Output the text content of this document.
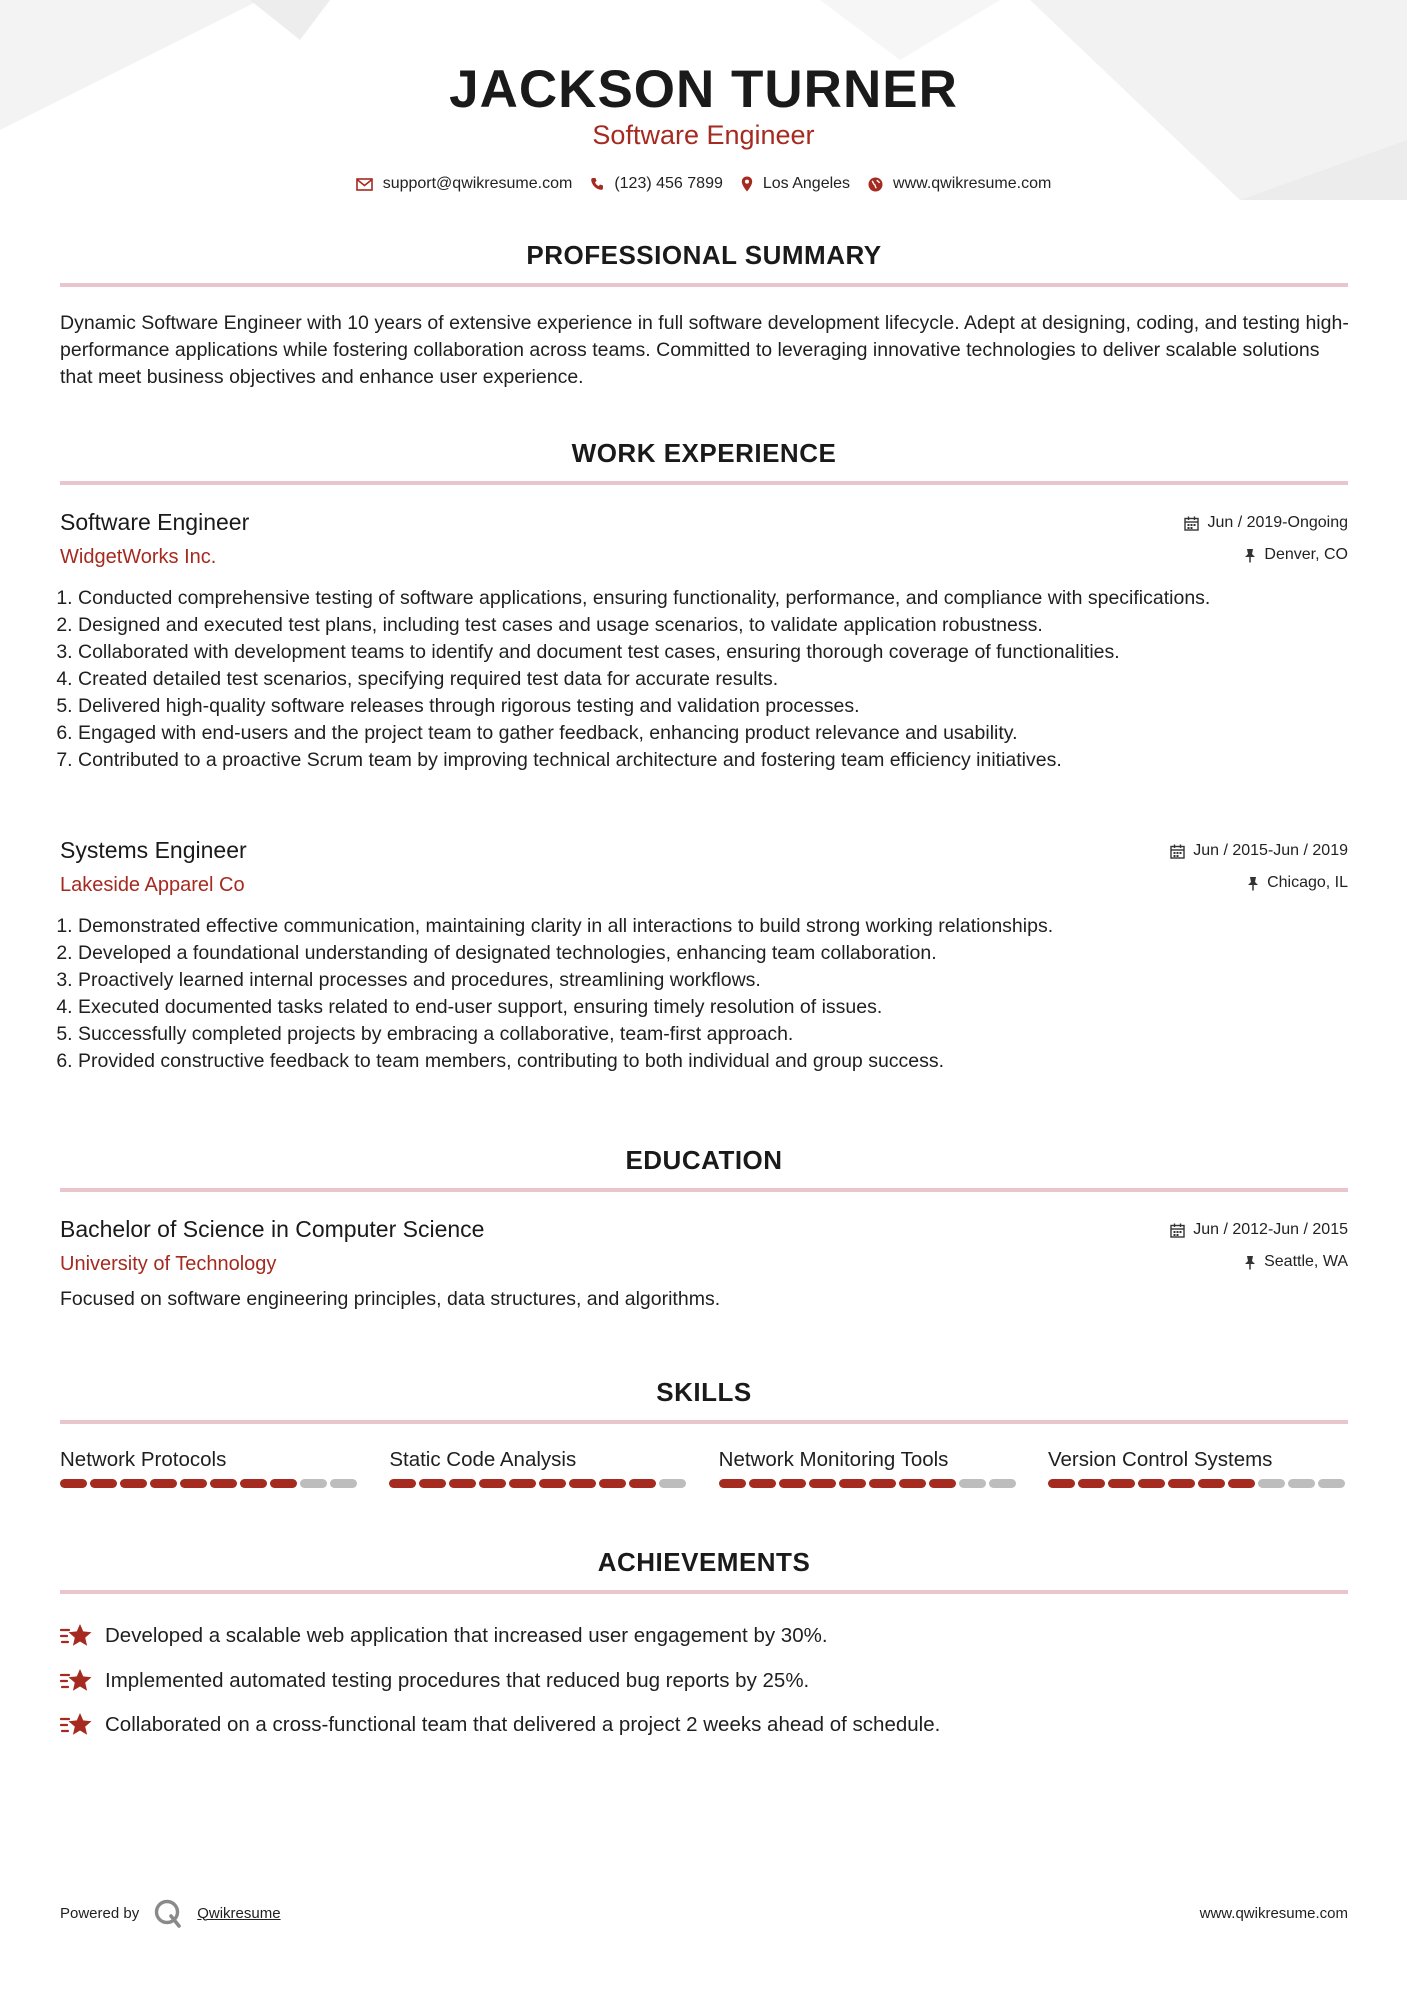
JACKSON TURNER
Software Engineer
support@qwikresume.com	(123) 456 7899	Los Angeles	www.qwikresume.com
PROFESSIONAL SUMMARY

Dynamic Software Engineer with 10 years of extensive experience in full software development lifecycle. Adept at designing, coding, and testing high-performance applications while fostering collaboration across teams. Committed to leveraging innovative technologies to deliver scalable solutions that meet business objectives and enhance user experience.

WORK EXPERIENCE
Software Engineer
WidgetWorks Inc.
Jun / 2019-Ongoing
Denver, CO
1. Conducted comprehensive testing of software applications, ensuring functionality, performance, and compliance with specifications.
2. Designed and executed test plans, including test cases and usage scenarios, to validate application robustness.
3. Collaborated with development teams to identify and document test cases, ensuring thorough coverage of functionalities.
4. Created detailed test scenarios, specifying required test data for accurate results.
5. Delivered high-quality software releases through rigorous testing and validation processes.
6. Engaged with end-users and the project team to gather feedback, enhancing product relevance and usability.
7. Contributed to a proactive Scrum team by improving technical architecture and fostering team efficiency initiatives.
Systems Engineer
Lakeside Apparel Co
Jun / 2015-Jun / 2019
Chicago, IL
1. Demonstrated effective communication, maintaining clarity in all interactions to build strong working relationships.
2. Developed a foundational understanding of designated technologies, enhancing team collaboration.
3. Proactively learned internal processes and procedures, streamlining workflows.
4. Executed documented tasks related to end-user support, ensuring timely resolution of issues.
5. Successfully completed projects by embracing a collaborative, team-first approach.
6. Provided constructive feedback to team members, contributing to both individual and group success.
EDUCATION
Bachelor of Science in Computer Science
University of Technology
Jun / 2012-Jun / 2015
Seattle, WA
Focused on software engineering principles, data structures, and algorithms.
SKILLS
Network Protocols	Static Code Analysis	Network Monitoring Tools	Version Control Systems
ACHIEVEMENTS
Developed a scalable web application that increased user engagement by 30%.
Implemented automated testing procedures that reduced bug reports by 25%.
Collaborated on a cross-functional team that delivered a project 2 weeks ahead of schedule.
Powered by	Qwikresume	www.qwikresume.com
